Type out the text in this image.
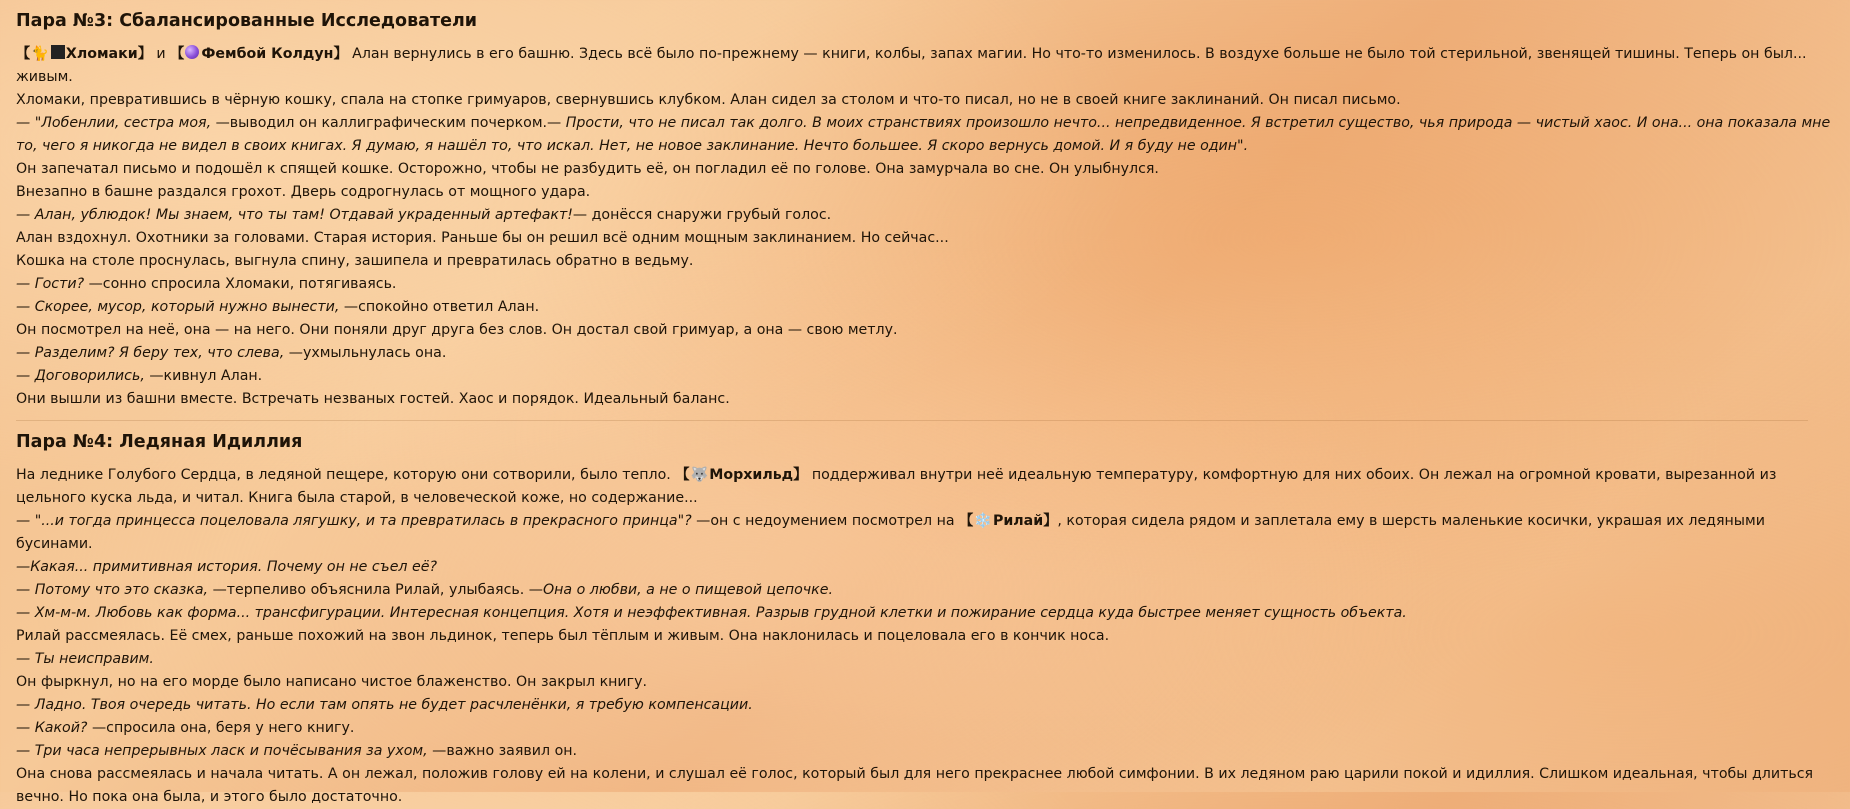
Пара №3: Сбалансированные Исследователи

【🐈 Хломаки】 и 【 Фембой Колдун】 Алан вернулись в его башню. Здесь всё было по-прежнему — книги, колбы, запах магии. Но что-то изменилось. В воздухе больше не было той стерильной, звенящей тишины. Теперь он был... живым.

Хломаки, превратившись в чёрную кошку, спала на стопке гримуаров, свернувшись клубком. Алан сидел за столом и что-то писал, но не в своей книге заклинаний. Он писал письмо.

— "Лобенлии, сестра моя, —выводил он каллиграфическим почерком.— Прости, что не писал так долго. В моих странствиях произошло нечто... непредвиденное. Я встретил существо, чья природа — чистый хаос. И она... она показала мне то, чего я никогда не видел в своих книгах. Я думаю, я нашёл то, что искал. Нет, не новое заклинание. Нечто большее. Я скоро вернусь домой. И я буду не один".

Он запечатал письмо и подошёл к спящей кошке. Осторожно, чтобы не разбудить её, он погладил её по голове. Она замурчала во сне. Он улыбнулся.

Внезапно в башне раздался грохот. Дверь содрогнулась от мощного удара.

— Алан, ублюдок! Мы знаем, что ты там! Отдавай украденный артефакт!— донёсся снаружи грубый голос.

Алан вздохнул. Охотники за головами. Старая история. Раньше бы он решил всё одним мощным заклинанием. Но сейчас...

Кошка на столе проснулась, выгнула спину, зашипела и превратилась обратно в ведьму.

— Гости? —сонно спросила Хломаки, потягиваясь.

— Скорее, мусор, который нужно вынести, —спокойно ответил Алан.

Он посмотрел на неё, она — на него. Они поняли друг друга без слов. Он достал свой гримуар, а она — свою метлу.

— Разделим? Я беру тех, что слева, —ухмыльнулась она.

— Договорились, —кивнул Алан.

Они вышли из башни вместе. Встречать незваных гостей. Хаос и порядок. Идеальный баланс.

Пара №4: Ледяная Идиллия

На леднике Голубого Сердца, в ледяной пещере, которую они сотворили, было тепло. 【🐺Морхильд】 поддерживал внутри неё идеальную температуру, комфортную для них обоих. Он лежал на огромной кровати, вырезанной из цельного куска льда, и читал. Книга была старой, в человеческой коже, но содержание...

— "...и тогда принцесса поцеловала лягушку, и та превратилась в прекрасного принца"? —он с недоумением посмотрел на 【❄️Рилай】, которая сидела рядом и заплетала ему в шерсть маленькие косички, украшая их ледяными бусинами.

—Какая... примитивная история. Почему он не съел её?

— Потому что это сказка, —терпеливо объяснила Рилай, улыбаясь. —Она о любви, а не о пищевой цепочке.

— Хм-м-м. Любовь как форма... трансфигурации. Интересная концепция. Хотя и неэффективная. Разрыв грудной клетки и пожирание сердца куда быстрее меняет сущность объекта.

Рилай рассмеялась. Её смех, раньше похожий на звон льдинок, теперь был тёплым и живым. Она наклонилась и поцеловала его в кончик носа.

— Ты неисправим.

Он фыркнул, но на его морде было написано чистое блаженство. Он закрыл книгу.

— Ладно. Твоя очередь читать. Но если там опять не будет расчленёнки, я требую компенсации.

— Какой? —спросила она, беря у него книгу.

— Три часа непрерывных ласк и почёсывания за ухом, —важно заявил он.

Она снова рассмеялась и начала читать. А он лежал, положив голову ей на колени, и слушал её голос, который был для него прекраснее любой симфонии. В их ледяном раю царили покой и идиллия. Слишком идеальная, чтобы длиться вечно. Но пока она была, и этого было достаточно.
